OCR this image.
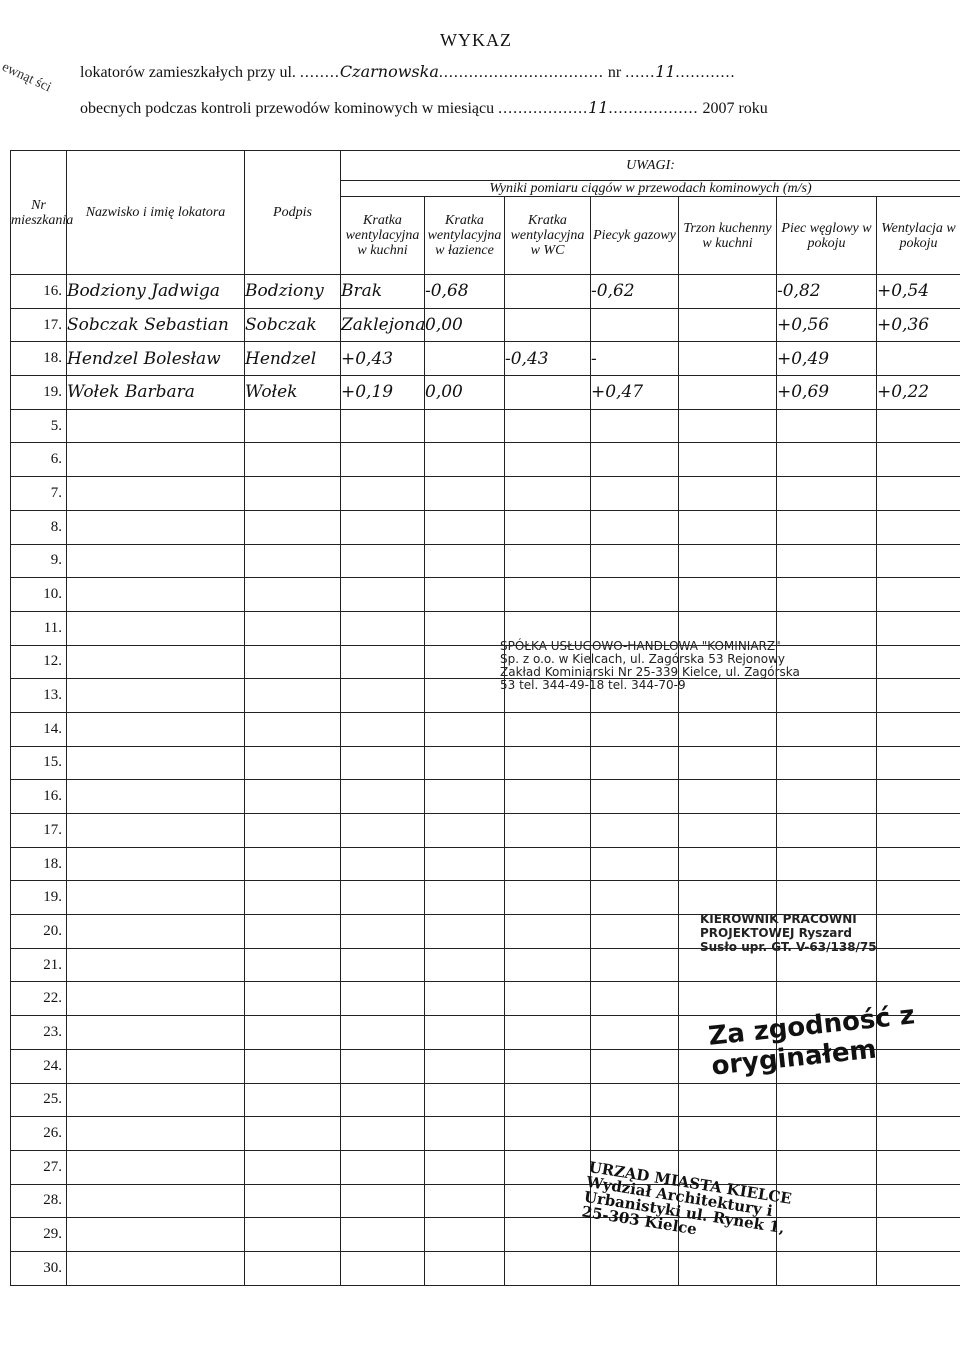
ewnąt ści
WYKAZ
lokatorów zamieszkałych przy ul. ........Czarnowska................................. nr ......11............
obecnych podczas kontroli przewodów kominowych w miesiącu ..................11.................. 2007 roku
Nr mieszkania	Nazwisko i imię lokatora	Podpis	UWAGI:						
			Wyniki pomiaru ciągów w przewodach kominowych (m/s)						
			Kratka wentylacyjna w kuchni	Kratka wentylacyjna w łazience	Kratka wentylacyjna w WC	Piecyk gazowy	Trzon kuchenny w kuchni	Piec węglowy w pokoju	Wentylacja w pokoju
16.	Bodziony Jadwiga	Bodziony	Brak	-0,68		-0,62		-0,82	+0,54
17.	Sobczak Sebastian	Sobczak	Zaklejona	0,00				+0,56	+0,36
18.	Hendzel Bolesław	Hendzel	+0,43		-0,43	-		+0,49	
19.	Wołek Barbara	Wołek	+0,19	0,00		+0,47		+0,69	+0,22
5.									
6.									
7.									
8.									
9.									
10.									
11.									
12.									
13.									
14.									
15.									
16.									
17.									
18.									
19.									
20.									
21.									
22.									
23.									
24.									
25.									
26.									
27.									
28.									
29.									
30.									
SPÓŁKA USŁUGOWO-HANDLOWA "KOMINIARZ" Sp. z o.o. w Kielcach, ul. Zagórska 53 Rejonowy Zakład Kominiarski Nr 25-339 Kielce, ul. Zagórska 53 tel. 344-49-18 tel. 344-70-9
KIEROWNIK PRACOWNI PROJEKTOWEJ Ryszard Susło upr. GT. V-63/138/75
Za zgodność z oryginałem
URZĄD MIASTA KIELCE Wydział Architektury i Urbanistyki ul. Rynek 1, 25-303 Kielce
